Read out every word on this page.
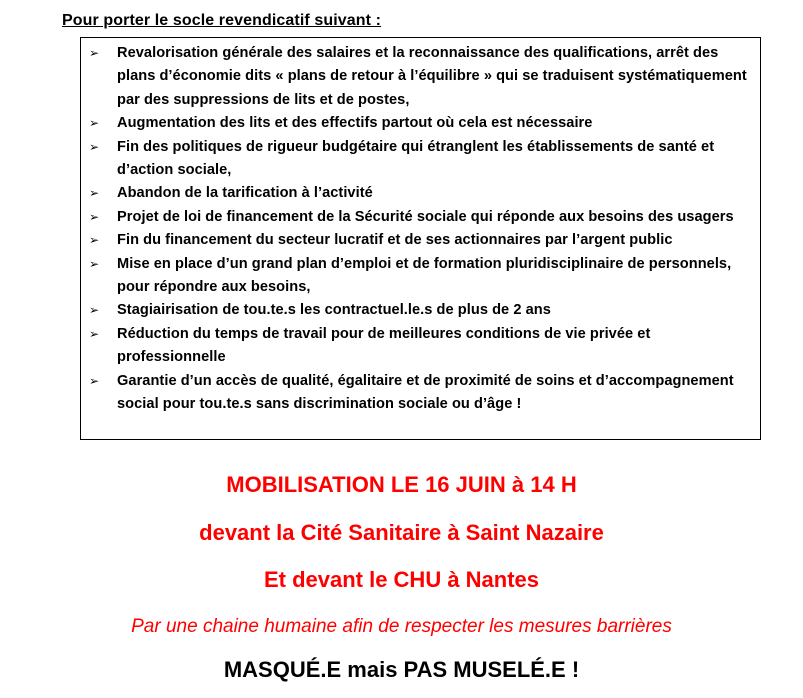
Pour porter le socle revendicatif suivant :
➢	Revalorisation générale des salaires et la reconnaissance des qualifications, arrêt des plans d’économie dits « plans de retour à l’équilibre » qui se traduisent systématiquement par des suppressions de lits et de postes,
➢	Augmentation des lits et des effectifs partout où cela est nécessaire
➢	Fin des politiques de rigueur budgétaire qui étranglent les établissements de santé et d’action sociale,
➢	Abandon de la tarification à l’activité
➢	Projet de loi de financement de la Sécurité sociale qui réponde aux besoins des usagers
➢	Fin du financement du secteur lucratif et de ses actionnaires par l’argent public
➢	Mise en place d’un grand plan d’emploi et de formation pluridisciplinaire de personnels, pour répondre aux besoins,
➢	Stagiairisation de tou.te.s les contractuel.le.s de plus de 2 ans
➢	Réduction du temps de travail pour de meilleures conditions de vie privée et professionnelle
➢	Garantie d’un accès de qualité, égalitaire et de proximité de soins et d’accompagnement social pour tou.te.s sans discrimination sociale ou d’âge !
MOBILISATION LE 16 JUIN à 14 H
devant la Cité Sanitaire à Saint Nazaire
Et devant le CHU à Nantes
Par une chaine humaine afin de respecter les mesures barrières
MASQUÉ.E mais PAS MUSELÉ.E !
